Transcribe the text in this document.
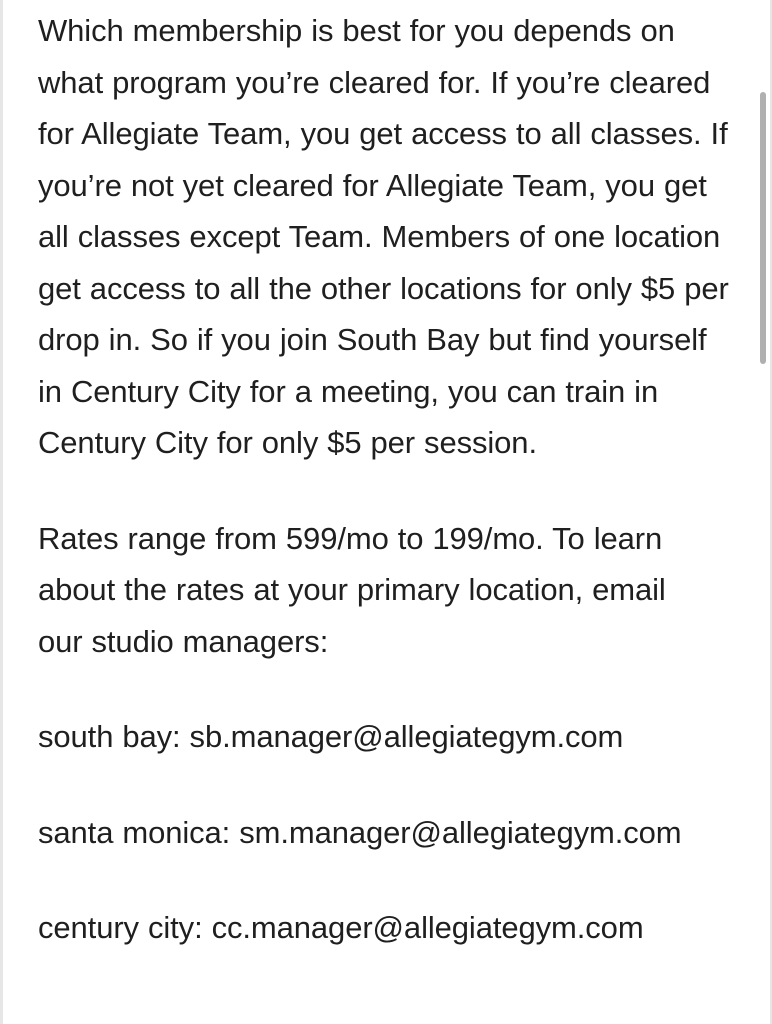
Which membership is best for you depends on what program you’re cleared for. If you’re cleared for Allegiate Team, you get access to all classes. If you’re not yet cleared for Allegiate Team, you get all classes except Team. Members of one location get access to all the other locations for only $5 per drop in. So if you join South Bay but find yourself in Century City for a meeting, you can train in Century City for only $5 per session.

Rates range from 599/mo to 199/mo. To learn about the rates at your primary location, email our studio managers:

south bay: sb.manager@allegiategym.com

santa monica: sm.manager@allegiategym.com

century city: cc.manager@allegiategym.com
